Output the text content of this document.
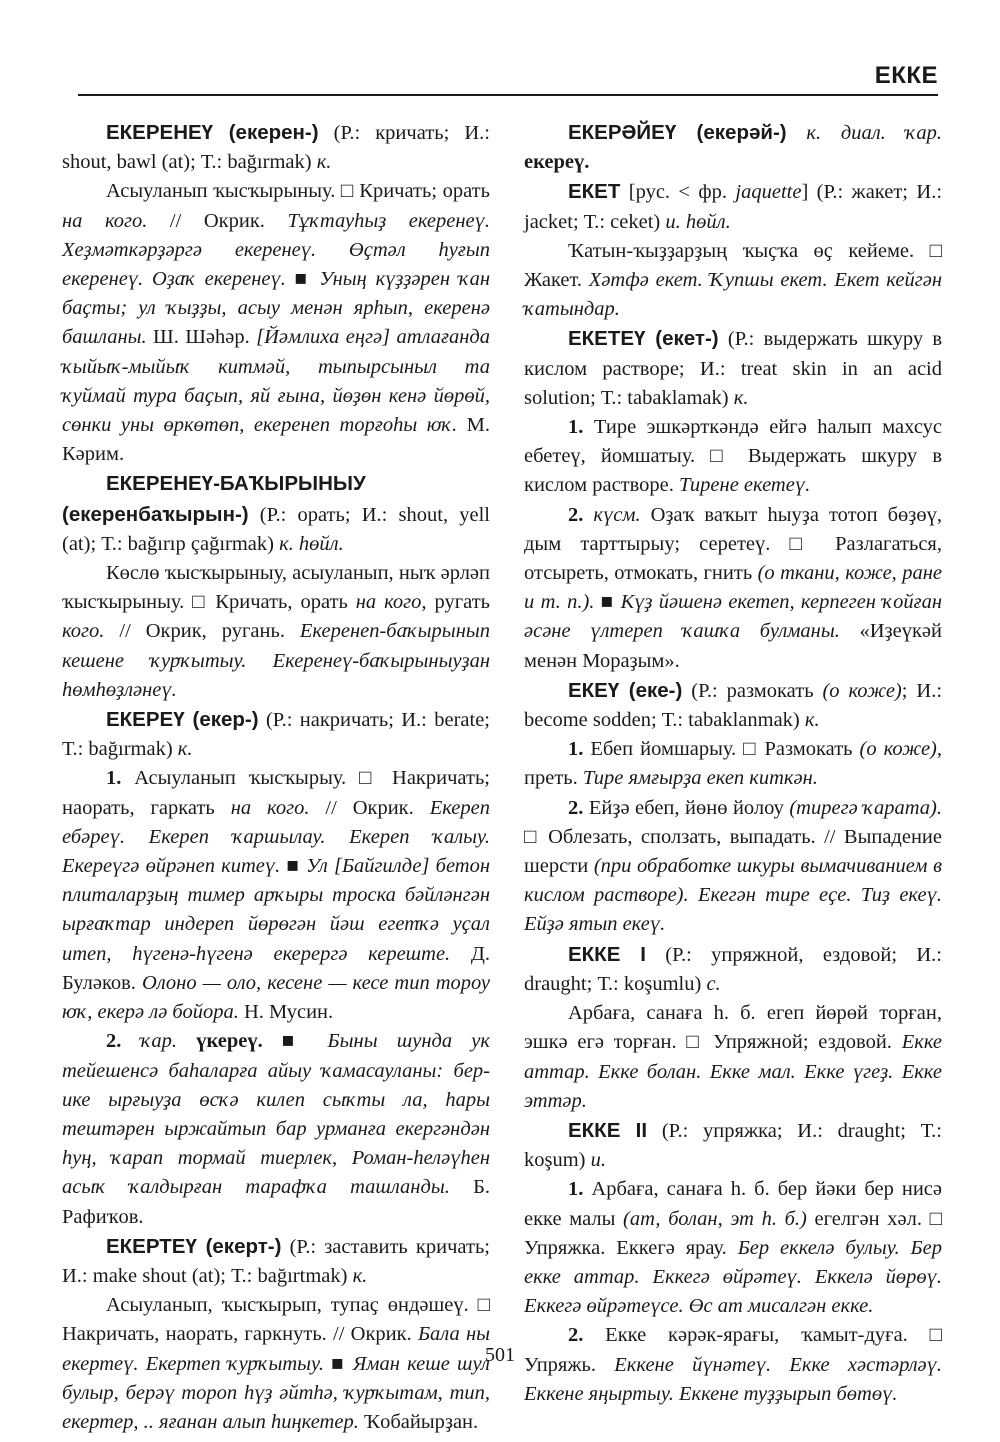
ЕККЕ

ЕКЕРЕНЕҮ (екерен-) (Р.: кричать; И.: shout, bawl (at); Т.: bağırmak) к.

Асыуланып ҡысҡырыныу. □ Кричать; орать на кого. // Окрик. Тұҡтауһыҙ екеренеү. Хеҙмәткәрҙәргә екеренеү. Өҫтәл һуғып екеренеү. Оҙаҡ екеренеү. ■ Уның күҙҙәрен ҡан баҫты; ул ҡыҙҙы, асыу менән ярһып, екеренә башланы. Ш. Шәһәр. [Йәмлиха еңгә] атлағанда ҡыйыҡ-мыйыҡ китмәй, тыпырсыныл та ҡуймай тура баҫып, яй ғына, йөҙөн кенә йөрөй, сөнки уны өркөтөп, екеренеп торғоһы юҡ. М. Кәрим.

ЕКЕРЕНЕҮ-БАҠЫРЫНЫУ (екеренбаҡырын-) (Р.: орать; И.: shout, yell (at); Т.: bağırıp çağırmak) к. һөйл.

Көслө ҡысҡырыныу, асыуланып, ныҡ әрләп ҡысҡырыныу. □ Кричать, орать на кого, ругать кого. // Окрик, ругань. Екеренеп-баҡырынып кешене ҡурҡытыу. Екеренеү-баҡырыныуҙан һөмһөҙләнеү.

ЕКЕРЕҮ (екер-) (Р.: накричать; И.: berate; Т.: bağırmak) к.

1. Асыуланып ҡысҡырыу. □ Накричать; наорать, гаркать на кого. // Окрик. Екереп ебәреү. Екереп ҡаршылау. Екереп ҡалыу. Екереүгә өйрәнеп китеү. ■ Ул [Байгилде] бетон плиталарҙың тимер арҡыры троска бәйләнгән ырғаҡтар индереп йөрөгән йәш егетҡә уҫал итеп, һүгенә-һүгенә екерергә кереште. Д. Буләков. Олоно — оло, кесене — кесе тип тороу юҡ, екерә лә бойора. Н. Мусин.

2. ҡар. үкереү. ■ Быны шунда ук тейешенсә баһаларға айыу ҡамасауланы: бер-ике ырғыуҙа өсҡә килеп сыҡты ла, һары тештәрен ыржайтып бар урманға екергәндән һуң, ҡарап тормай тиерлек, Роман-һеләүһен асыҡ ҡалдырған тарафҡа ташланды. Б. Рафиҡов.

ЕКЕРТЕҮ (екерт-) (Р.: заставить кричать; И.: make shout (at); Т.: bağırtmak) к.

Асыуланып, ҡысҡырып, тупаҫ өндәшеү. □ Накричать, наорать, гаркнуть. // Окрик. Бала ны екертеү. Екертеп ҡурҡытыу. ■ Яман кеше шул булыр, берәү тороп һүҙ әйтһә, ҡурҡытам, тип, екертер, .. яғанан алып һиңкетер. Ҡобайырҙан.

ЕКЕРӘЙЕҮ (екерәй-) к. диал. ҡар. екереү.

ЕКЕТ [рус. < фр. jaquette] (Р.: жакет; И.: jacket; Т.: ceket) и. һөйл.

Ҡатын-ҡыҙҙарҙың ҡыҫҡа өҫ кейеме. □ Жакет. Хәтфә екет. Ҡупшы екет. Екет кейгән ҡатындар.

ЕКЕТЕҮ (екет-) (Р.: выдержать шкуру в кислом растворе; И.: treat skin in an acid solution; Т.: tabaklamak) к.

1. Тире эшкәрткәндә ейгә һалып махсус ебетеү, йомшатыу. □ Выдержать шкуру в кислом растворе. Тирене екетеү.

2. күсм. Оҙаҡ ваҡыт һыуҙа тотоп бөҙөү, дым тарттырыу; серетеү. □ Разлагаться, отсыреть, отмокать, гнить (о ткани, коже, ране и т. п.). ■ Күҙ йәшенә екетеп, керпеген ҡойған әсәне үлтереп ҡашҡа булманы. «Иҙеүкәй менән Мораҙым».

ЕКЕҮ (еке-) (Р.: размокать (о коже); И.: become sodden; Т.: tabaklanmak) к.

1. Ебеп йомшарыу. □ Размокать (о коже), преть. Тире ямғырҙа екеп киткән.

2. Ейҙә ебеп, йөнө йолоу (тирегә ҡарата). □ Облезать, сползать, выпадать. // Выпадение шерсти (при обработке шкуры вымачиванием в кислом растворе). Екегән тире еҫе. Тиҙ екеү. Ейҙә ятып екеү.

ЕККЕ I (Р.: упряжной, ездовой; И.: draught; Т.: koşumlu) с.

Арбаға, санаға һ. б. егеп йөрөй торған, эшкә егә торған. □ Упряжной; ездовой. Екке аттар. Екке болан. Екке мал. Екке үгеҙ. Екке эттәр.

ЕККЕ II (Р.: упряжка; И.: draught; Т.: koşum) и.

1. Арбаға, санаға һ. б. бер йәки бер нисә екке малы (ат, болан, эт һ. б.) егелгән хәл. □ Упряжка. Еккегә ярау. Бер еккелә булыу. Бер екке аттар. Еккегә өйрәтеү. Еккелә йөрөү. Еккегә өйрәтеүсе. Өс ат мисалгән екке.

2. Екке кәрәк-ярағы, ҡамыт-дуға. □ Упряжь. Еккене йүнәтеү. Екке хәстәрләү. Еккене яңыртыу. Еккене туҙҙырып бөтөү.

501
